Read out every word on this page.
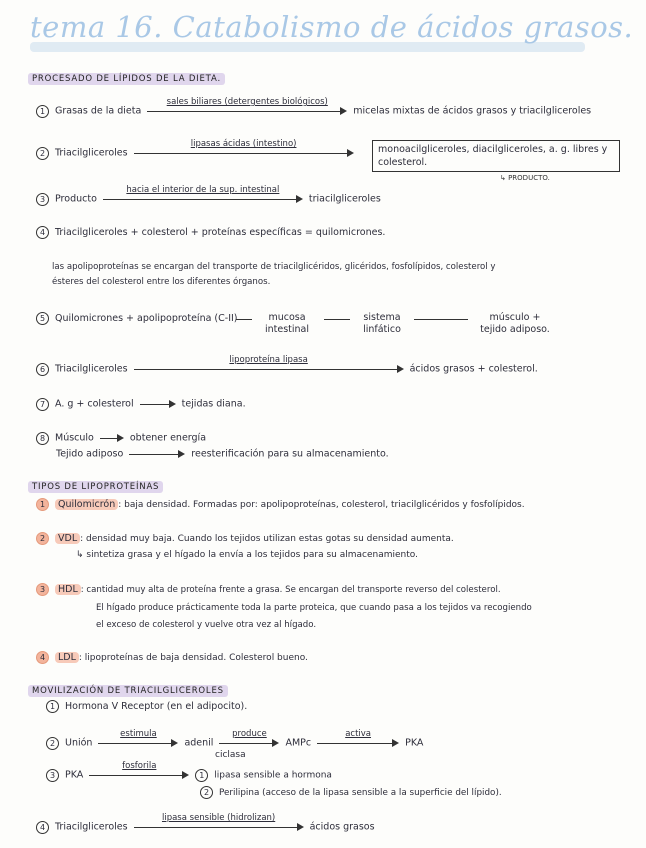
tema 16. Catabolismo de ácidos grasos.
PROCESADO DE LÍPIDOS DE LA DIETA.
1 Grasas de la dieta
sales biliares (detergentes biológicos)
micelas mixtas de ácidos grasos y triacilgliceroles
2 Triacilgliceroles
lipasas ácidas (intestino)	monoacilgliceroles, diacilgliceroles, a. g. libres y
colesterol.
↳ PRODUCTO.
3 Producto
hacia el interior de la sup. intestinal
triacilgliceroles
4 Triacilgliceroles + colesterol + proteínas específicas = quilomicrones.
las apolipoproteínas se encargan del transporte de triacilglicéridos, glicéridos, fosfolípidos, colesterol y
ésteres del colesterol entre los diferentes órganos.
5 Quilomicrones + apolipoproteína (C-II)	mucosa
intestinal
sistema
linfático
músculo +
tejido adiposo.
6 Triacilgliceroles
lipoproteína lipasa
ácidos grasos + colesterol.
7 A. g + colesterol	tejidas diana.
8 Músculo	obtener energía
Tejido adiposo	reesterificación para su almacenamiento.
TIPOS DE LIPOPROTEÍNAS
1 Quilomicrón : baja densidad. Formadas por: apolipoproteínas, colesterol, triacilglicéridos y fosfolípidos.
2 VDL : densidad muy baja. Cuando los tejidos utilizan estas gotas su densidad aumenta.
↳ sintetiza grasa y el hígado la envía a los tejidos para su almacenamiento.
3 HDL : cantidad muy alta de proteína frente a grasa. Se encargan del transporte reverso del colesterol.
El hígado produce prácticamente toda la parte proteica, que cuando pasa a los tejidos va recogiendo
el exceso de colesterol y vuelve otra vez al hígado.
4 LDL : lipoproteínas de baja densidad. Colesterol bueno.
MOVILIZACIÓN DE TRIACILGLICEROLES
1 Hormona V Receptor (en el adipocito).
2 Unión
estimula
adenil
produce
AMPc
activa
PKA
ciclasa
3 PKA
fosforila
1 lipasa sensible a hormona
2 Perilipina (acceso de la lipasa sensible a la superficie del lípido).
4 Triacilgliceroles
lipasa sensible (hidrolizan)
ácidos grasos
